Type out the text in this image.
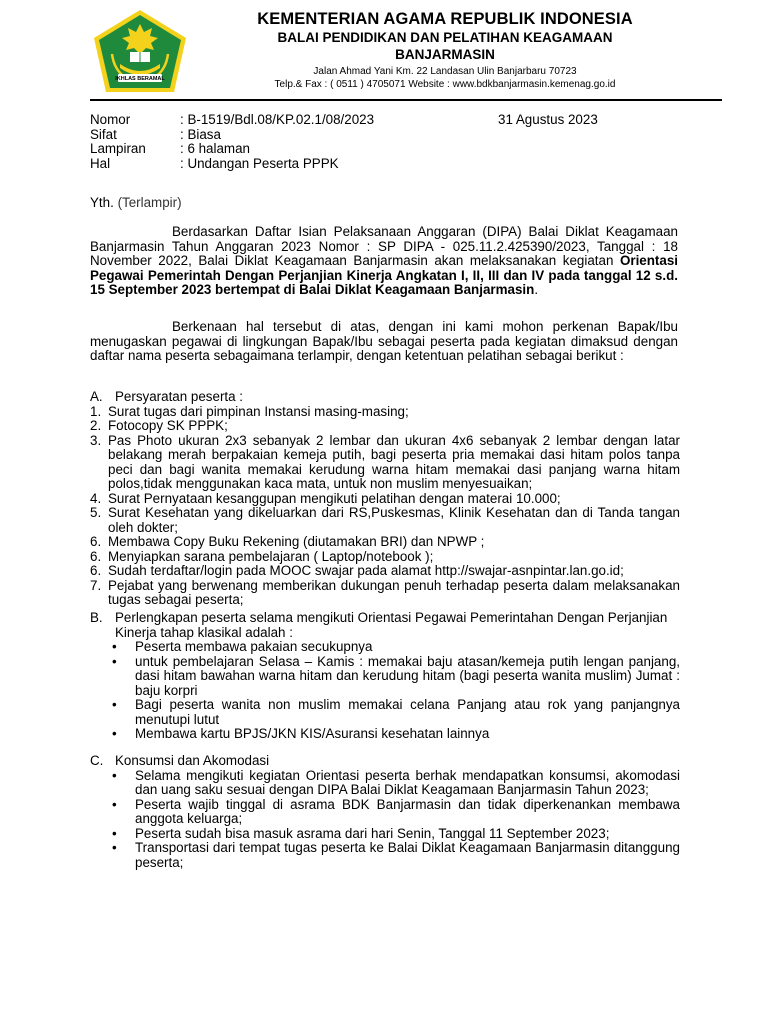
IKHLAS BERAMAL
KEMENTERIAN AGAMA REPUBLIK INDONESIA
BALAI PENDIDIKAN DAN PELATIHAN KEAGAMAAN
BANJARMASIN
Jalan Ahmad Yani Km. 22 Landasan Ulin Banjarbaru 70723
Telp.& Fax : ( 0511 ) 4705071 Website : www.bdkbanjarmasin.kemenag.go.id
Nomor	: B-1519/Bdl.08/KP.02.1/08/2023
Sifat	: Biasa
Lampiran	: 6 halaman
Hal	: Undangan Peserta PPPK
31 Agustus 2023
Yth. (Terlampir)
Berdasarkan Daftar Isian Pelaksanaan Anggaran (DIPA) Balai Diklat Keagamaan Banjarmasin Tahun Anggaran 2023 Nomor : SP DIPA - 025.11.2.425390/2023, Tanggal : 18 November 2022, Balai Diklat Keagamaan Banjarmasin akan melaksanakan kegiatan Orientasi Pegawai Pemerintah Dengan Perjanjian Kinerja Angkatan I, II, III dan IV pada tanggal 12 s.d. 15 September 2023 bertempat di Balai Diklat Keagamaan Banjarmasin.
Berkenaan hal tersebut di atas, dengan ini kami mohon perkenan Bapak/Ibu menugaskan pegawai di lingkungan Bapak/Ibu sebagai peserta pada kegiatan dimaksud dengan daftar nama peserta sebagaimana terlampir, dengan ketentuan pelatihan sebagai berikut :
A. Persyaratan peserta :
1. Surat tugas dari pimpinan Instansi masing-masing;
2. Fotocopy SK PPPK;
3. Pas Photo ukuran 2x3 sebanyak 2 lembar dan ukuran 4x6 sebanyak 2 lembar dengan latar belakang merah berpakaian kemeja putih, bagi peserta pria memakai dasi hitam polos tanpa peci dan bagi wanita memakai kerudung warna hitam memakai dasi panjang warna hitam polos,tidak menggunakan kaca mata, untuk non muslim menyesuaikan;
4. Surat Pernyataan kesanggupan mengikuti pelatihan dengan materai 10.000;
5. Surat Kesehatan yang dikeluarkan dari RS,Puskesmas, Klinik Kesehatan dan di Tanda tangan oleh dokter;
6. Membawa Copy Buku Rekening (diutamakan BRI) dan NPWP ;
6. Menyiapkan sarana pembelajaran ( Laptop/notebook );
6. Sudah terdaftar/login pada MOOC swajar pada alamat http://swajar-asnpintar.lan.go.id;
7. Pejabat yang berwenang memberikan dukungan penuh terhadap peserta dalam melaksanakan tugas sebagai peserta;
B. Perlengkapan peserta selama mengikuti Orientasi Pegawai Pemerintahan Dengan Perjanjian Kinerja tahap klasikal adalah :
• Peserta membawa pakaian secukupnya
• untuk pembelajaran Selasa – Kamis : memakai baju atasan/kemeja putih lengan panjang, dasi hitam bawahan warna hitam dan kerudung hitam (bagi peserta wanita muslim) Jumat : baju korpri
• Bagi peserta wanita non muslim memakai celana Panjang atau rok yang panjangnya menutupi lutut
• Membawa kartu BPJS/JKN KIS/Asuransi kesehatan lainnya
C. Konsumsi dan Akomodasi
• Selama mengikuti kegiatan Orientasi peserta berhak mendapatkan konsumsi, akomodasi dan uang saku sesuai dengan DIPA Balai Diklat Keagamaan Banjarmasin Tahun 2023;
• Peserta wajib tinggal di asrama BDK Banjarmasin dan tidak diperkenankan membawa anggota keluarga;
• Peserta sudah bisa masuk asrama dari hari Senin, Tanggal 11 September 2023;
• Transportasi dari tempat tugas peserta ke Balai Diklat Keagamaan Banjarmasin ditanggung peserta;
